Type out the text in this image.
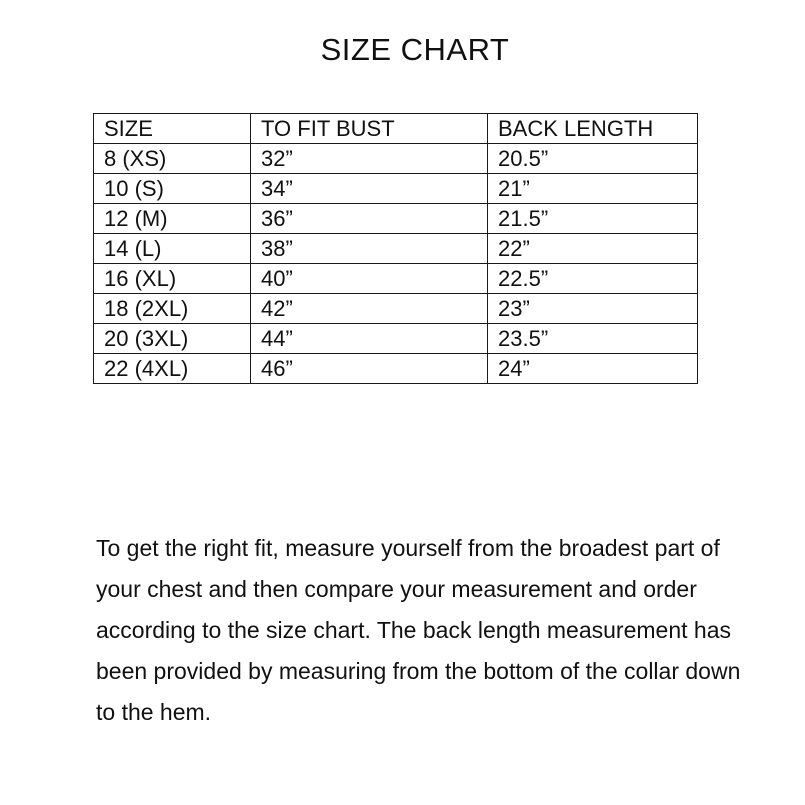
SIZE CHART
SIZE	TO FIT BUST	BACK LENGTH
8 (XS)	32”	20.5”
10 (S)	34”	21”
12 (M)	36”	21.5”
14 (L)	38”	22”
16 (XL)	40”	22.5”
18 (2XL)	42”	23”
20 (3XL)	44”	23.5”
22 (4XL)	46”	24”

To get the right fit, measure yourself from the broadest part of your chest and then compare your measurement and order according to the size chart. The back length measurement has been provided by measuring from the bottom of the collar down to the hem.
